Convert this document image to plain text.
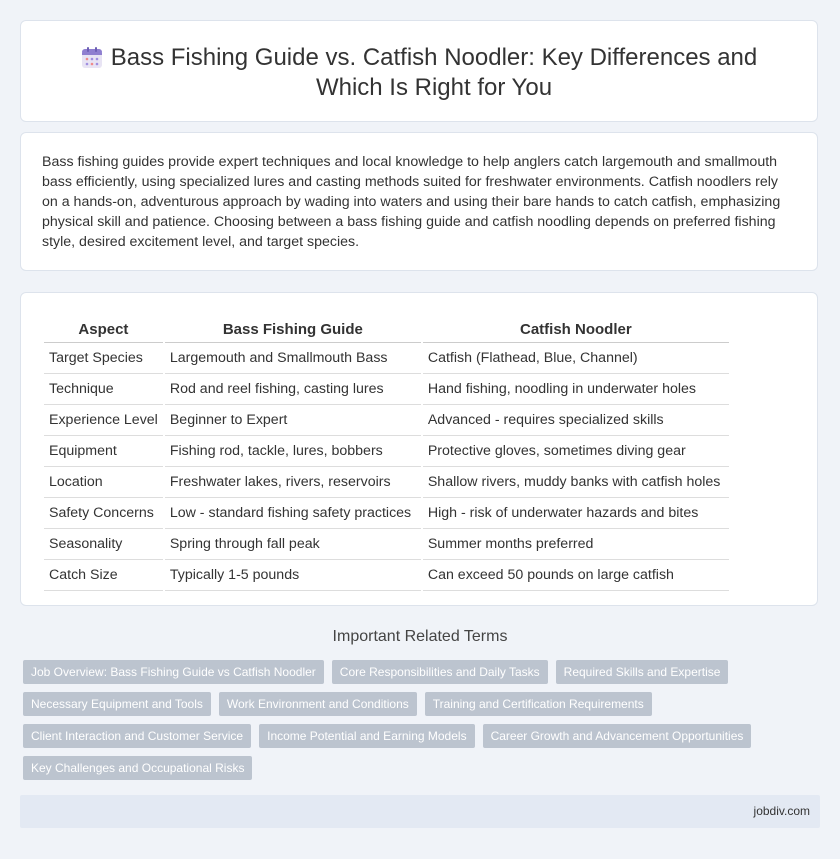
Bass Fishing Guide vs. Catfish Noodler: Key Differences and Which Is Right for You
Bass fishing guides provide expert techniques and local knowledge to help anglers catch largemouth and smallmouth bass efficiently, using specialized lures and casting methods suited for freshwater environments. Catfish noodlers rely on a hands-on, adventurous approach by wading into waters and using their bare hands to catch catfish, emphasizing physical skill and patience. Choosing between a bass fishing guide and catfish noodling depends on preferred fishing style, desired excitement level, and target species.
Aspect	Bass Fishing Guide	Catfish Noodler
Target Species	Largemouth and Smallmouth Bass	Catfish (Flathead, Blue, Channel)
Technique	Rod and reel fishing, casting lures	Hand fishing, noodling in underwater holes
Experience Level	Beginner to Expert	Advanced - requires specialized skills
Equipment	Fishing rod, tackle, lures, bobbers	Protective gloves, sometimes diving gear
Location	Freshwater lakes, rivers, reservoirs	Shallow rivers, muddy banks with catfish holes
Safety Concerns	Low - standard fishing safety practices	High - risk of underwater hazards and bites
Seasonality	Spring through fall peak	Summer months preferred
Catch Size	Typically 1-5 pounds	Can exceed 50 pounds on large catfish
Important Related Terms
Job Overview: Bass Fishing Guide vs Catfish Noodler	Core Responsibilities and Daily Tasks	Required Skills and Expertise
Necessary Equipment and Tools	Work Environment and Conditions	Training and Certification Requirements
Client Interaction and Customer Service	Income Potential and Earning Models	Career Growth and Advancement Opportunities
Key Challenges and Occupational Risks
jobdiv.com
